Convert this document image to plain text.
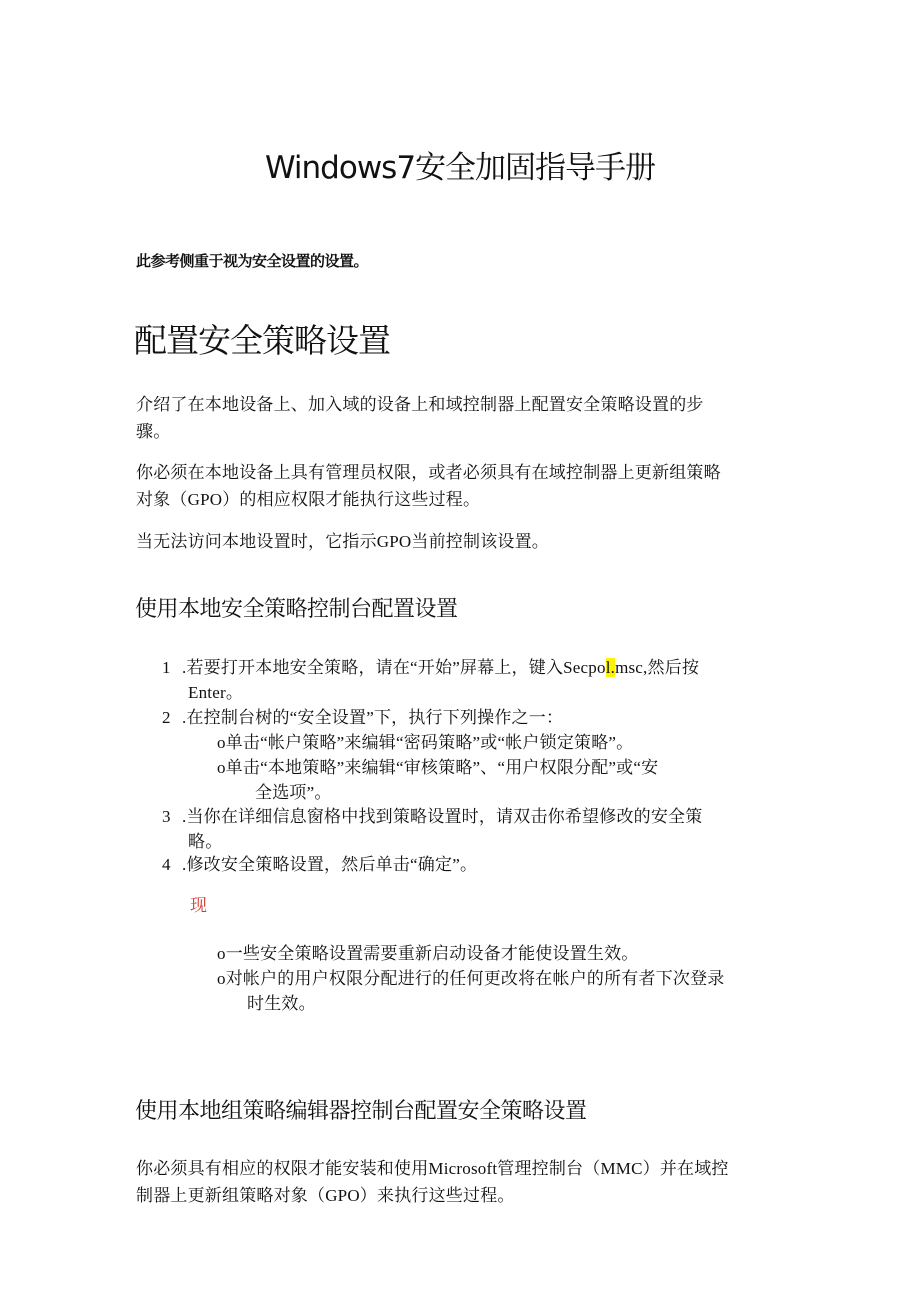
Windows7安全加固指导手册
此参考侧重于视为安全设置的设置。
配置安全策略设置
介绍了在本地设备上、加入域的设备上和域控制器上配置安全策略设置的步
骤。
你必须在本地设备上具有管理员权限，或者必须具有在域控制器上更新组策略
对象（GPO）的相应权限才能执行这些过程。
当无法访问本地设置时，它指示GPO当前控制该设置。
使用本地安全策略控制台配置设置
1 .若要打开本地安全策略，请在“开始”屏幕上，键入Secpol.msc,然后按
Enter。
2 .在控制台树的“安全设置”下，执行下列操作之一：
o单击“帐户策略”来编辑“密码策略”或“帐户锁定策略”。
o单击“本地策略”来编辑“审核策略”、“用户权限分配”或“安
全选项”。
3 .当你在详细信息窗格中找到策略设置时，请双击你希望修改的安全策
略。
4 .修改安全策略设置，然后单击“确定”。
现
o一些安全策略设置需要重新启动设备才能使设置生效。
o对帐户的用户权限分配进行的任何更改将在帐户的所有者下次登录
时生效。
使用本地组策略编辑器控制台配置安全策略设置
你必须具有相应的权限才能安装和使用Microsoft管理控制台（MMC）并在域控
制器上更新组策略对象（GPO）来执行这些过程。
